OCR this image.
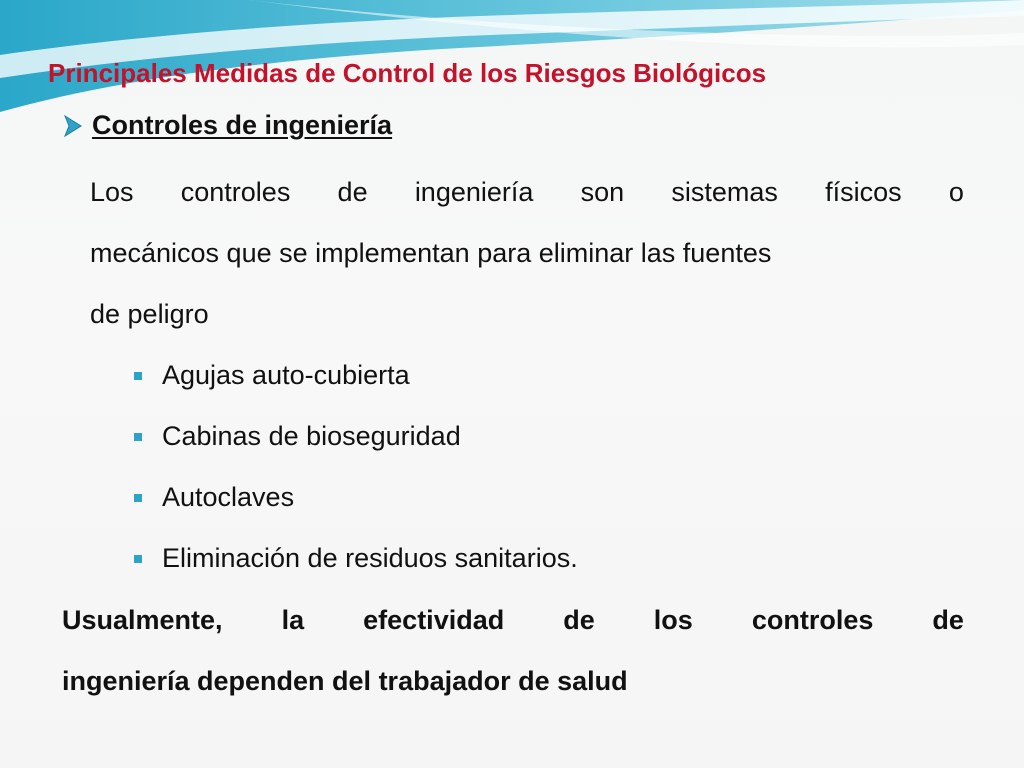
Principales Medidas de Control de los Riesgos Biológicos
Controles de ingeniería
Los controles de ingeniería son sistemas físicos o
mecánicos que se implementan para eliminar las fuentes
de peligro
Agujas auto-cubierta
Cabinas de bioseguridad
Autoclaves
Eliminación de residuos sanitarios.
Usualmente, la efectividad de los controles de
ingeniería dependen del trabajador de salud
